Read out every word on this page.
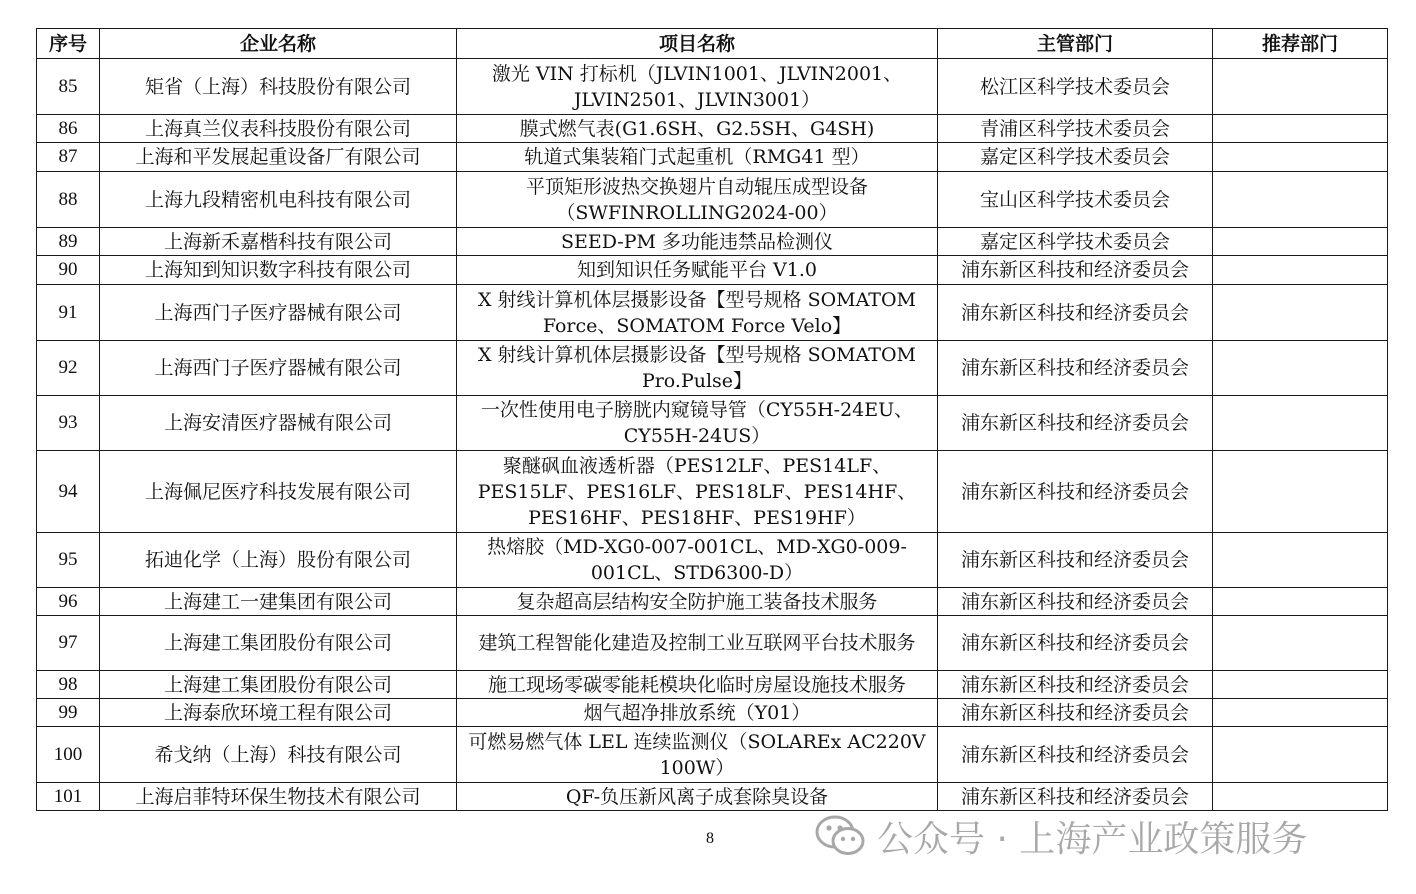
序号	企业名称	项目名称	主管部门	推荐部门
85	矩省（上海）科技股份有限公司	激光 VIN 打标机（JLVIN1001、JLVIN2001、JLVIN2501、JLVIN3001）	松江区科学技术委员会	
86	上海真兰仪表科技股份有限公司	膜式燃气表(G1.6SH、G2.5SH、G4SH)	青浦区科学技术委员会	
87	上海和平发展起重设备厂有限公司	轨道式集装箱门式起重机（RMG41 型）	嘉定区科学技术委员会	
88	上海九段精密机电科技有限公司	平顶矩形波热交换翅片自动辊压成型设备（SWFINROLLING2024-00）	宝山区科学技术委员会	
89	上海新禾嘉楷科技有限公司	SEED-PM 多功能违禁品检测仪	嘉定区科学技术委员会	
90	上海知到知识数字科技有限公司	知到知识任务赋能平台 V1.0	浦东新区科技和经济委员会	
91	上海西门子医疗器械有限公司	X 射线计算机体层摄影设备【型号规格 SOMATOM Force、SOMATOM Force Velo】	浦东新区科技和经济委员会	
92	上海西门子医疗器械有限公司	X 射线计算机体层摄影设备【型号规格 SOMATOM Pro.Pulse】	浦东新区科技和经济委员会	
93	上海安清医疗器械有限公司	一次性使用电子膀胱内窥镜导管（CY55H-24EU、CY55H-24US）	浦东新区科技和经济委员会	
94	上海佩尼医疗科技发展有限公司	聚醚砜血液透析器（PES12LF、PES14LF、PES15LF、PES16LF、PES18LF、PES14HF、PES16HF、PES18HF、PES19HF）	浦东新区科技和经济委员会	
95	拓迪化学（上海）股份有限公司	热熔胶（MD-XG0-007-001CL、MD-XG0-009-001CL、STD6300-D）	浦东新区科技和经济委员会	
96	上海建工一建集团有限公司	复杂超高层结构安全防护施工装备技术服务	浦东新区科技和经济委员会	
97	上海建工集团股份有限公司	建筑工程智能化建造及控制工业互联网平台技术服务	浦东新区科技和经济委员会	
98	上海建工集团股份有限公司	施工现场零碳零能耗模块化临时房屋设施技术服务	浦东新区科技和经济委员会	
99	上海泰欣环境工程有限公司	烟气超净排放系统（Y01）	浦东新区科技和经济委员会	
100	希戈纳（上海）科技有限公司	可燃易燃气体 LEL 连续监测仪（SOLAREx AC220V 100W）	浦东新区科技和经济委员会	
101	上海启菲特环保生物技术有限公司	QF-负压新风离子成套除臭设备	浦东新区科技和经济委员会	
8	公众号 · 上海产业政策服务
